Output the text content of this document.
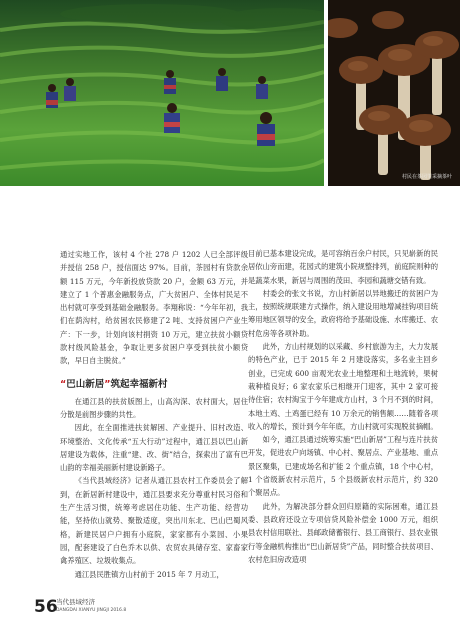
村民在茶园里采摘茶叶

通过实地工作，该村 4 个社 278 户 1202 人已全部评级并授信 258 户，授信面达 97%。目前，茶园村有贷款余额 115 万元，今年新投放贷款 20 户，金额 63 万元，并建立了 1 个普惠金融服务点，广大贫困户、全体村民足不出村就可享受到基础金融服务。李翔称说：“今年年初，我们在荫沟村，给贫困农民修建了2 吨、支持贫困户产业生产：下一步，计划向该村捐资 10 万元，建立扶贫小额贷款村级风险基金，争取让更多贫困户享受到扶贫小额贷款，早日自主脱贫。”

“巴山新居”筑起幸福新村

在通江县的扶贫版图上，山高沟深、农村面大，居住分散是前图步骤的共性。

因此，在全面推进扶贫解困、产业提升、旧村改造、环境整治、文化传承“五大行动”过程中，通江县以巴山新居建设为载体，注重“建、改、街”结合，探索出了富有巴山韵的幸福美丽新村建设新路子。

《当代县域经济》记者从通江县农村工作委员会了解到，在新居新村建设中，通江县要求充分尊重村民习俗和生产生活习惯，统筹考虑居住功能、生产功能、经营功能，坚持依山就势、聚散适度，突出川东北、巴山巴蜀风格，新建民居户户拥有小庭院，家家都有小菜园、小果园，配套建设了白色乔木以供、农贸农具储存室、家畜家禽养殖区、垃圾收集点。

通江县民胜镇方山村前于 2015 年 7 月动工，

目前已基本建设完成，是可容纳百余户村民，只见崭新的民居依山旁而建，花园式的建筑小院规整排列，前庭院则种的是蔬菜水果，新居与周围的茂田、李园和蔬塘交错有致。

村委会的张文书说，方山村新居以异地搬迁的贫困户为主，按照统规联建方式操作，纳入建设用地增减挂钩项目统筹用地区领导的安全，政府将给予基础设施、水库搬迁、农村危房等各项补助。

此外，方山村规划的以采藏、乡村旅游为主，大力发展的特色产业，已于 2015 年 2 月建设落实，多名业主回乡创业，已完成 600 亩观光农业土地整理和土地流转，果树栽种植良好；6 家农家乐已相继开门迎客，其中 2 家可接待住宿；农村淘宝于今年建成方山村，3 个月不到的时间，本地土鸡、土鸡蛋已经有 10 万余元的销售额……随着各项收入的增长，预计到今年年底，方山村就可实现脱贫摘帽。

如今，通江县通过统筹实施“巴山新居”工程与连片扶贫开发，促进农户向场镇、中心村、聚居点、产业基地、重点景区聚集，已建成场名和扩能 2 个重点镇，18 个中心村，1 个省级新农村示范片，5 个县级新农村示范片，约 320 个聚居点。

此外，为解决部分群众回归原籍的实际困难，通江县委、县政府还设立专项信贷风险补偿金 1000 万元，组织县农村信用联社、县邮政储蓄银行、县工商银行、县农业银行等金融机构推出“巴山新居贷”产品，同时整合扶贫项目、农村危旧房改造项

56
当代县域经济
DANGDAI XIANYU JINGJI 2016.8
